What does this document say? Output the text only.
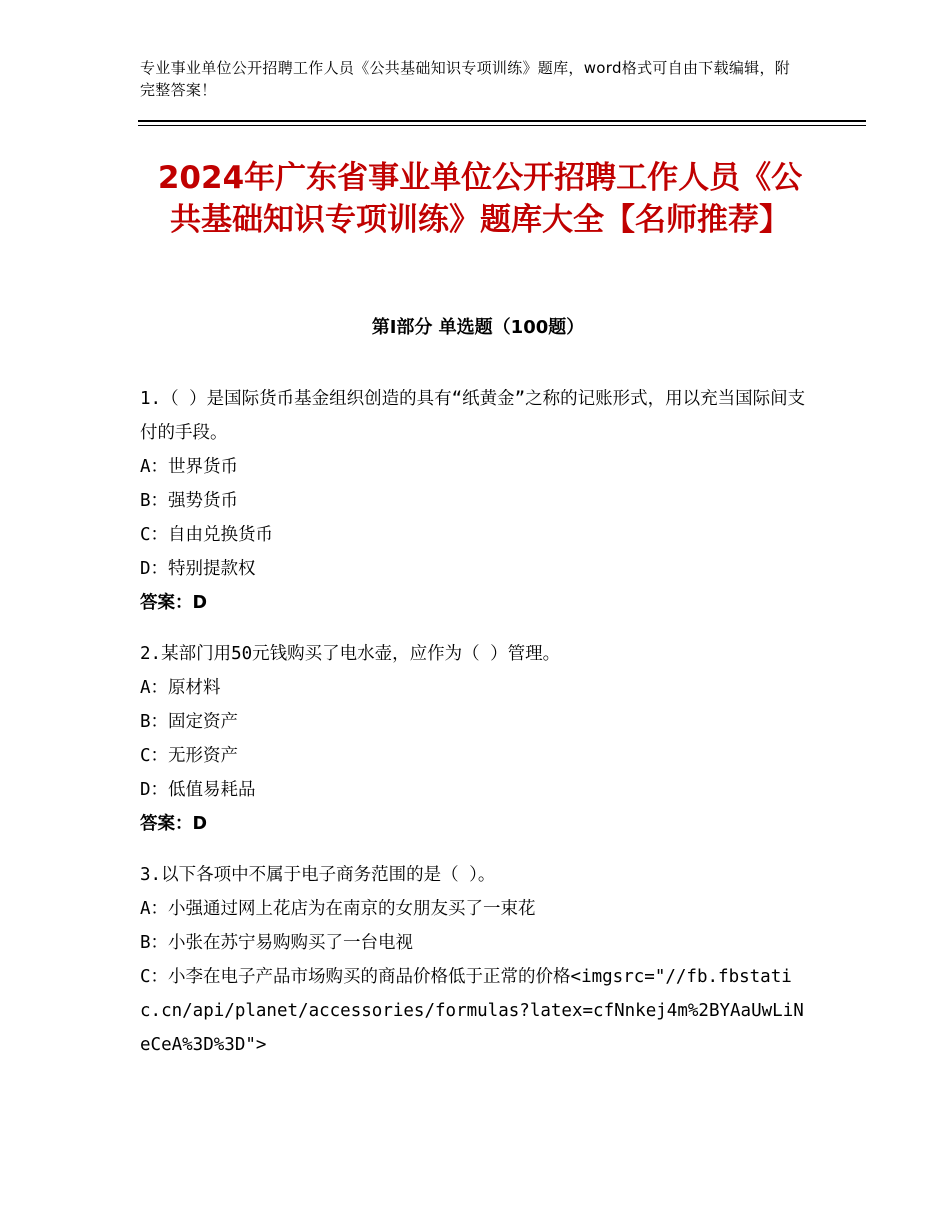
专业事业单位公开招聘工作人员《公共基础知识专项训练》题库，word格式可自由下载编辑，附完整答案！
2024年广东省事业单位公开招聘工作人员《公共基础知识专项训练》题库大全【名师推荐】
第Ⅰ部分 单选题（100题）
1.（ ）是国际货币基金组织创造的具有“纸黄金”之称的记账形式，用以充当国际间支付的手段。
A：世界货币
B：强势货币
C：自由兑换货币
D：特别提款权
答案：D
2.某部门用50元钱购买了电水壶，应作为（ ）管理。
A：原材料
B：固定资产
C：无形资产
D：低值易耗品
答案：D
3.以下各项中不属于电子商务范围的是（ ）。
A：小强通过网上花店为在南京的女朋友买了一束花
B：小张在苏宁易购购买了一台电视
C：小李在电子产品市场购买的商品价格低于正常的价格<imgsrc="//fb.fbstatic.cn/api/planet/accessories/formulas?latex=cfNnkej4m%2BYAaUwLiNeCeA%3D%3D">
